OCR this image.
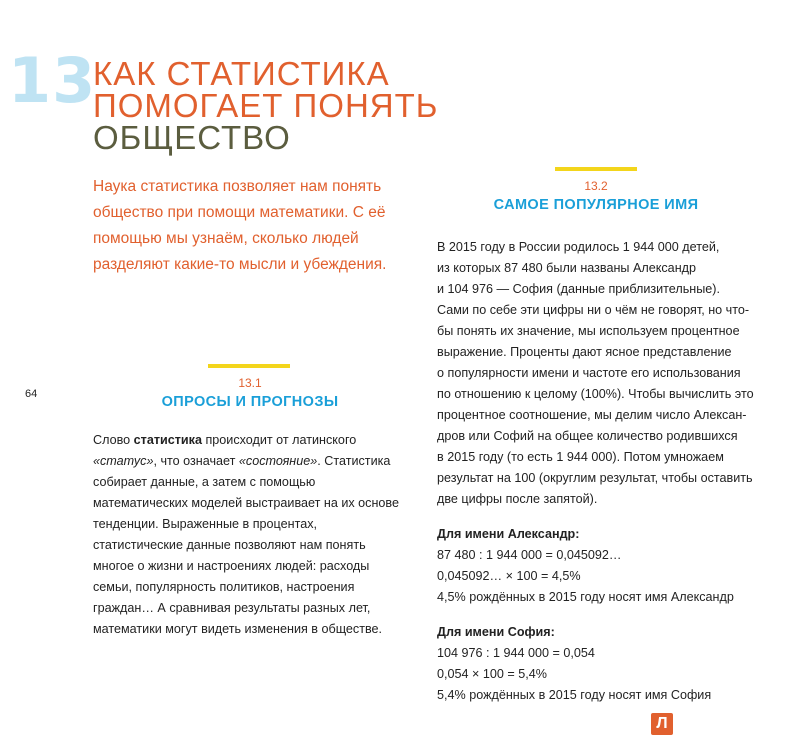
13
КАК СТАТИСТИКА
ПОМОГАЕТ ПОНЯТЬ
ОБЩЕСТВО
Наука статистика позволяет нам понять общество при помощи математики. С её помощью мы узнаём, сколько людей разделяют какие-то мысли и убеждения.
64
13.1
ОПРОСЫ И ПРОГНОЗЫ

Слово статистика происходит от латинского «статус», что означает «состояние». Статистика собирает данные, а затем с помощью математических моделей выстраивает на их основе тенденции. Выраженные в процентах, статистические данные позволяют нам понять многое о жизни и настроениях людей: расходы семьи, популярность политиков, настроения граждан… А сравнивая результаты разных лет, математики могут видеть изменения в обществе.

13.2
САМОЕ ПОПУЛЯРНОЕ ИМЯ
В 2015 году в России родилось 1 944 000 детей,
из которых 87 480 были названы Александр
и 104 976 — София (данные приблизительные).
Сами по себе эти цифры ни о чём не говорят, но что-
бы понять их значение, мы используем процентное
выражение. Проценты дают ясное представление
о популярности имени и частоте его использования
по отношению к целому (100%). Чтобы вычислить это
процентное соотношение, мы делим число Алексан-
дров или Софий на общее количество родившихся
в 2015 году (то есть 1 944 000). Потом умножаем
результат на 100 (округлим результат, чтобы оставить
две цифры после запятой).
Для имени Александр:
87 480 : 1 944 000 = 0,045092…
0,045092… × 100 = 4,5%
4,5% рождённых в 2015 году носят имя Александр
Для имени София:
104 976 : 1 944 000 = 0,054
0,054 × 100 = 5,4%
5,4% рождённых в 2015 году носят имя София
Л
